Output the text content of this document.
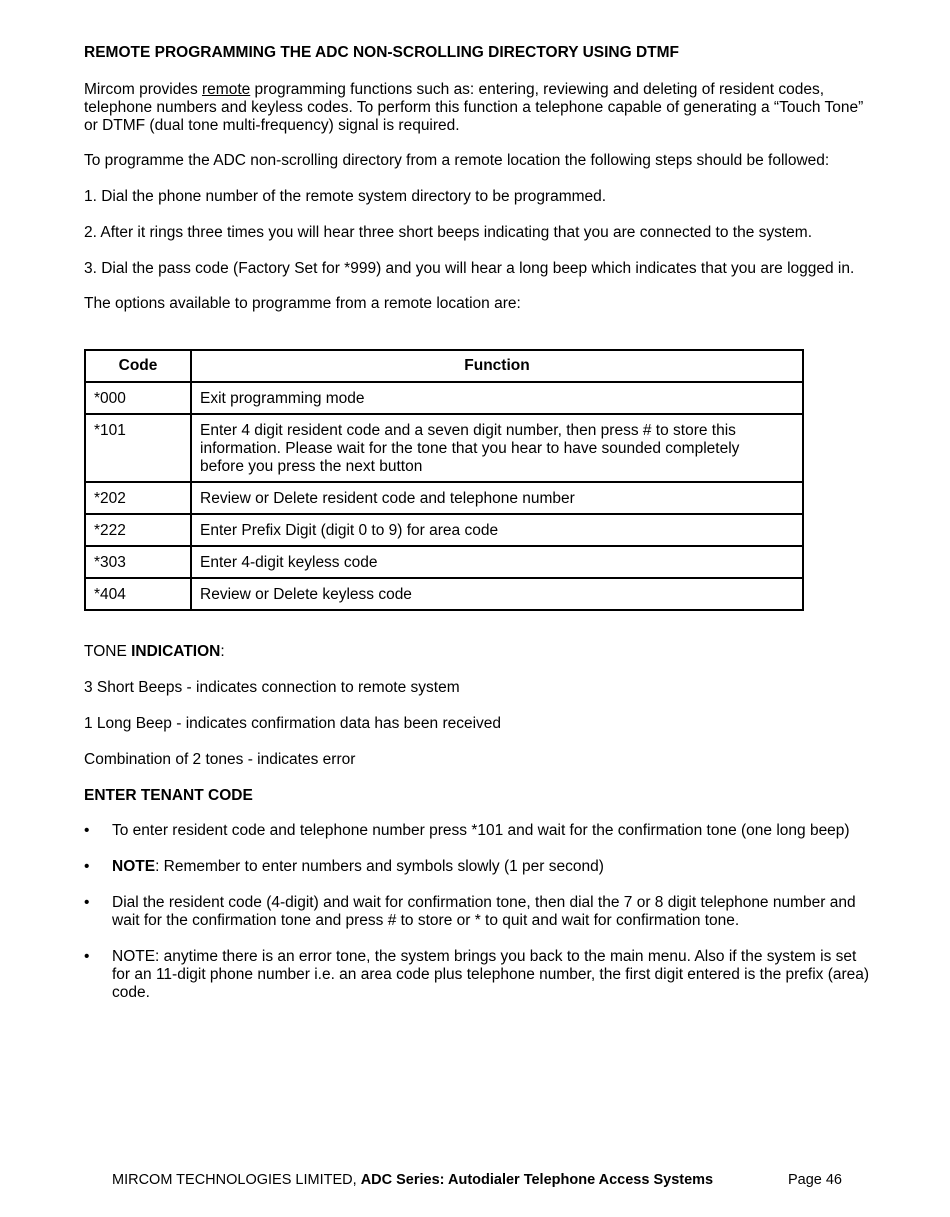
REMOTE PROGRAMMING THE ADC NON-SCROLLING DIRECTORY USING DTMF
Mircom provides remote programming functions such as: entering, reviewing and deleting of resident codes, telephone numbers and keyless codes. To perform this function a telephone capable of generating a “Touch Tone” or DTMF (dual tone multi-frequency) signal is required.
To programme the ADC non-scrolling directory from a remote location the following steps should be followed:
1. Dial the phone number of the remote system directory to be programmed.
2. After it rings three times you will hear three short beeps indicating that you are connected to the system.
3. Dial the pass code (Factory Set for *999) and you will hear a long beep which indicates that you are logged in.
The options available to programme from a remote location are:
Code	Function
*000	Exit programming mode
*101	Enter 4 digit resident code and a seven digit number, then press # to store this information. Please wait for the tone that you hear to have sounded completely before you press the next button
*202	Review or Delete resident code and telephone number
*222	Enter Prefix Digit (digit 0 to 9) for area code
*303	Enter 4-digit keyless code
*404	Review or Delete keyless code
TONE INDICATION:
3 Short Beeps - indicates connection to remote system
1 Long Beep - indicates confirmation data has been received
Combination of 2 tones - indicates error
ENTER TENANT CODE
• To enter resident code and telephone number press *101 and wait for the confirmation tone (one long beep)
• NOTE: Remember to enter numbers and symbols slowly (1 per second)
• Dial the resident code (4-digit) and wait for confirmation tone, then dial the 7 or 8 digit telephone number and wait for the confirmation tone and press # to store or * to quit and wait for confirmation tone.
• NOTE: anytime there is an error tone, the system brings you back to the main menu. Also if the system is set for an 11-digit phone number i.e. an area code plus telephone number, the first digit entered is the prefix (area) code.
MIRCOM TECHNOLOGIES LIMITED, ADC Series: Autodialer Telephone Access Systems	Page 46
